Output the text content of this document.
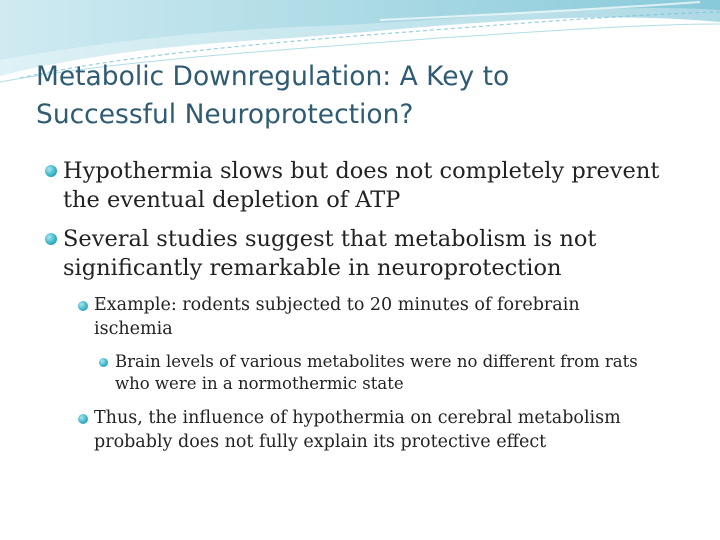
Metabolic Downregulation: A Key to
Successful Neuroprotection?
Hypothermia slows but does not completely prevent
the eventual depletion of ATP
Several studies suggest that metabolism is not
significantly remarkable in neuroprotection
Example: rodents subjected to 20 minutes of forebrain
ischemia
Brain levels of various metabolites were no different from rats
who were in a normothermic state
Thus, the influence of hypothermia on cerebral metabolism
probably does not fully explain its protective effect
